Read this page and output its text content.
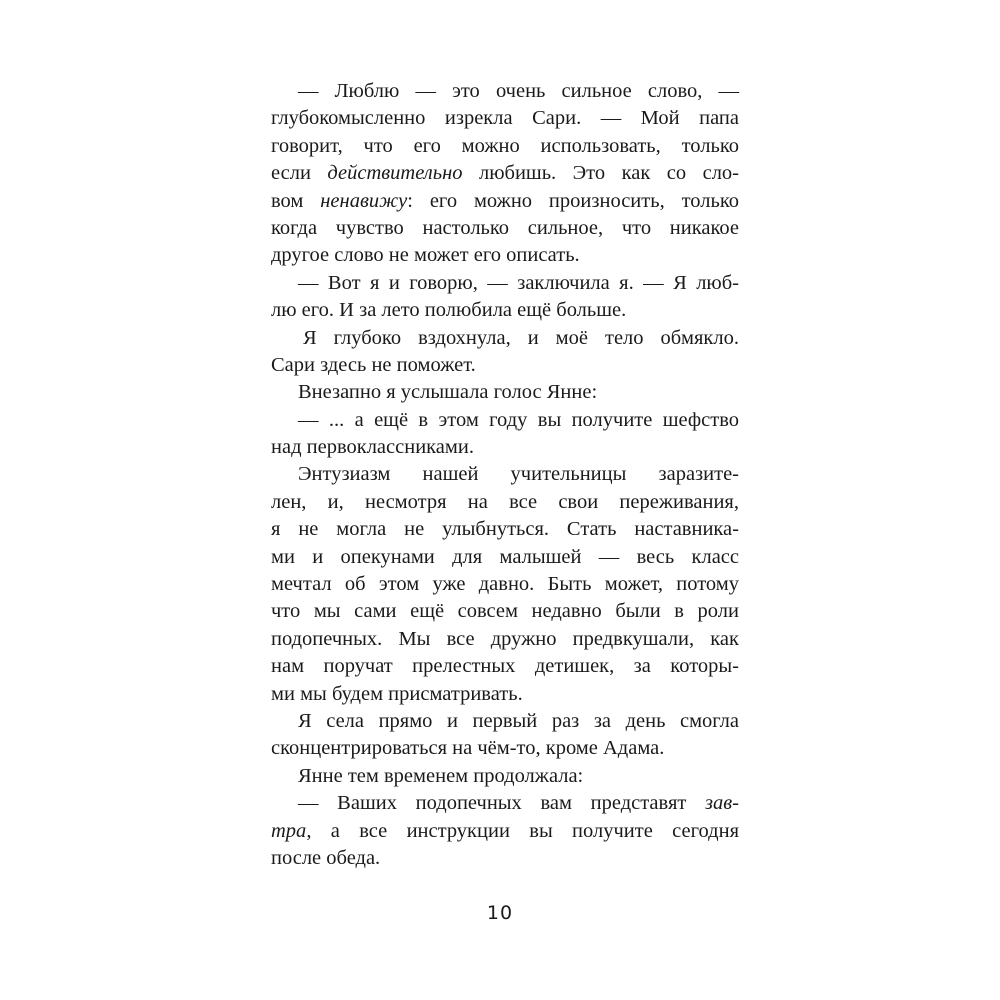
— Люблю — это очень сильное слово, —
глубокомысленно изрекла Сари. — Мой папа
говорит, что его можно использовать, только
если действительно любишь. Это как со сло-
вом ненавижу: его можно произносить, только
когда чувство настолько сильное, что никакое
другое слово не может его описать.
— Вот я и говорю, — заключила я. — Я люб-
лю его. И за лето полюбила ещё больше.
Я глубоко вздохнула, и моё тело обмякло.
Сари здесь не поможет.
Внезапно я услышала голос Янне:
— ... а ещё в этом году вы получите шефство
над первоклассниками.
Энтузиазм нашей учительницы заразите-
лен, и, несмотря на все свои переживания,
я не могла не улыбнуться. Стать наставника-
ми и опекунами для малышей — весь класс
мечтал об этом уже давно. Быть может, потому
что мы сами ещё совсем недавно были в роли
подопечных. Мы все дружно предвкушали, как
нам поручат прелестных детишек, за которы-
ми мы будем присматривать.
Я села прямо и первый раз за день смогла
сконцентрироваться на чём-то, кроме Адама.
Янне тем временем продолжала:
— Ваших подопечных вам представят зав-
тра, а все инструкции вы получите сегодня
после обеда.
10
